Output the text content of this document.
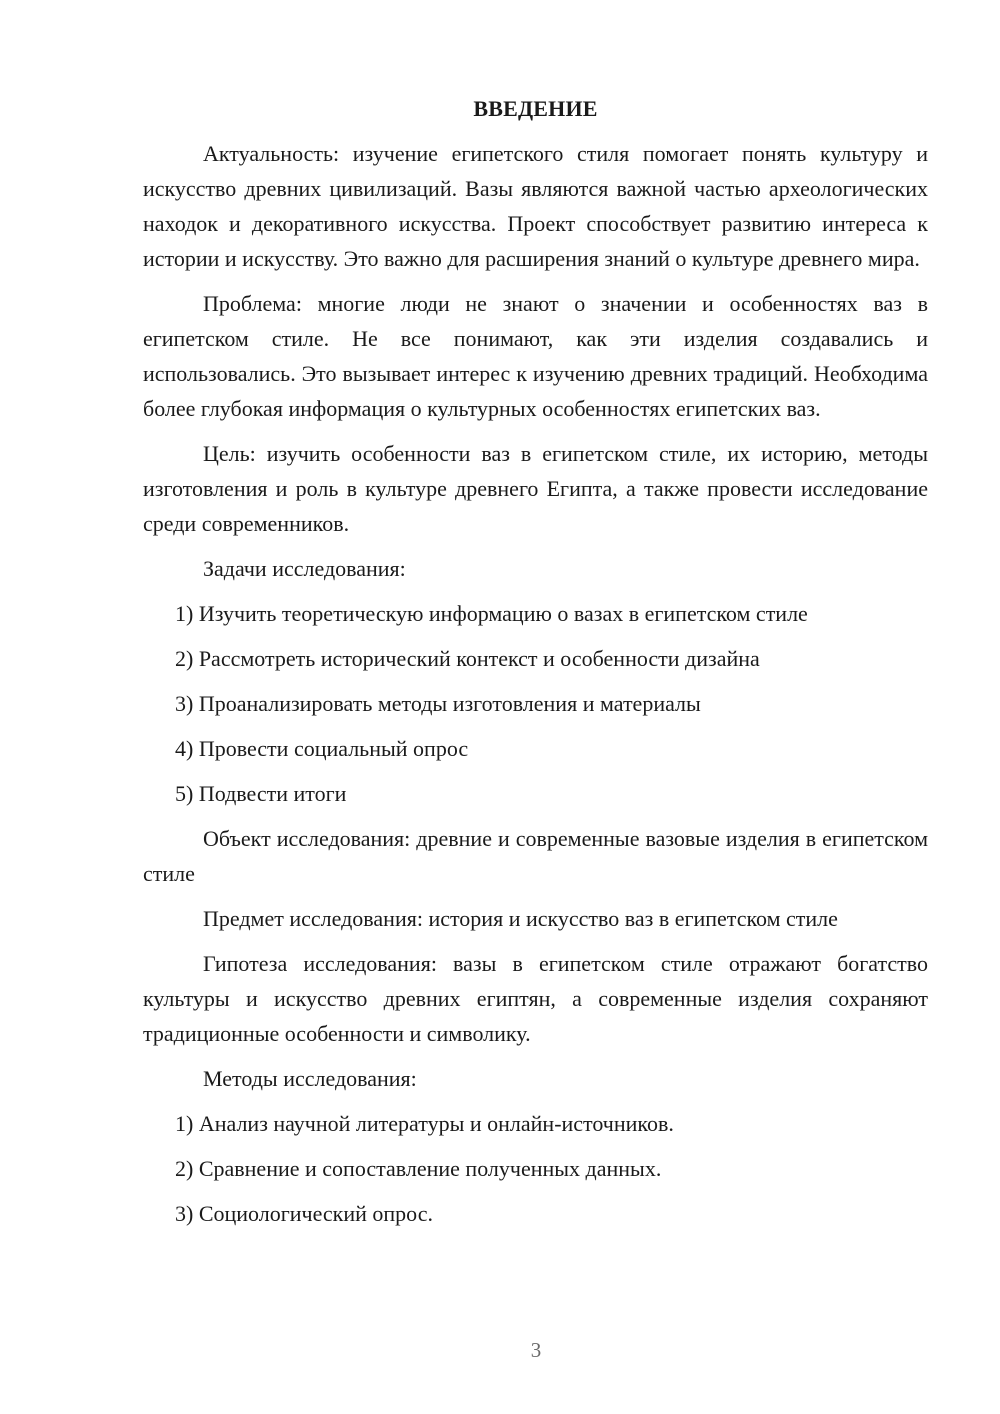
ВВЕДЕНИЕ

Актуальность: изучение египетского стиля помогает понять культуру и искусство древних цивилизаций. Вазы являются важной частью археологических находок и декоративного искусства. Проект способствует развитию интереса к истории и искусству. Это важно для расширения знаний о культуре древнего мира.

Проблема: многие люди не знают о значении и особенностях ваз в египетском стиле. Не все понимают, как эти изделия создавались и использовались. Это вызывает интерес к изучению древних традиций. Необходима более глубокая информация о культурных особенностях египетских ваз.

Цель: изучить особенности ваз в египетском стиле, их историю, методы изготовления и роль в культуре древнего Египта, а также провести исследование среди современников.

Задачи исследования:

1) Изучить теоретическую информацию о вазах в египетском стиле
2) Рассмотреть исторический контекст и особенности дизайна
3) Проанализировать методы изготовления и материалы
4) Провести социальный опрос
5) Подвести итоги

Объект исследования: древние и современные вазовые изделия в египетском стиле

Предмет исследования: история и искусство ваз в египетском стиле

Гипотеза исследования: вазы в египетском стиле отражают богатство культуры и искусство древних египтян, а современные изделия сохраняют традиционные особенности и символику.

Методы исследования:

1) Анализ научной литературы и онлайн-источников.
2) Сравнение и сопоставление полученных данных.
3) Социологический опрос.
3
